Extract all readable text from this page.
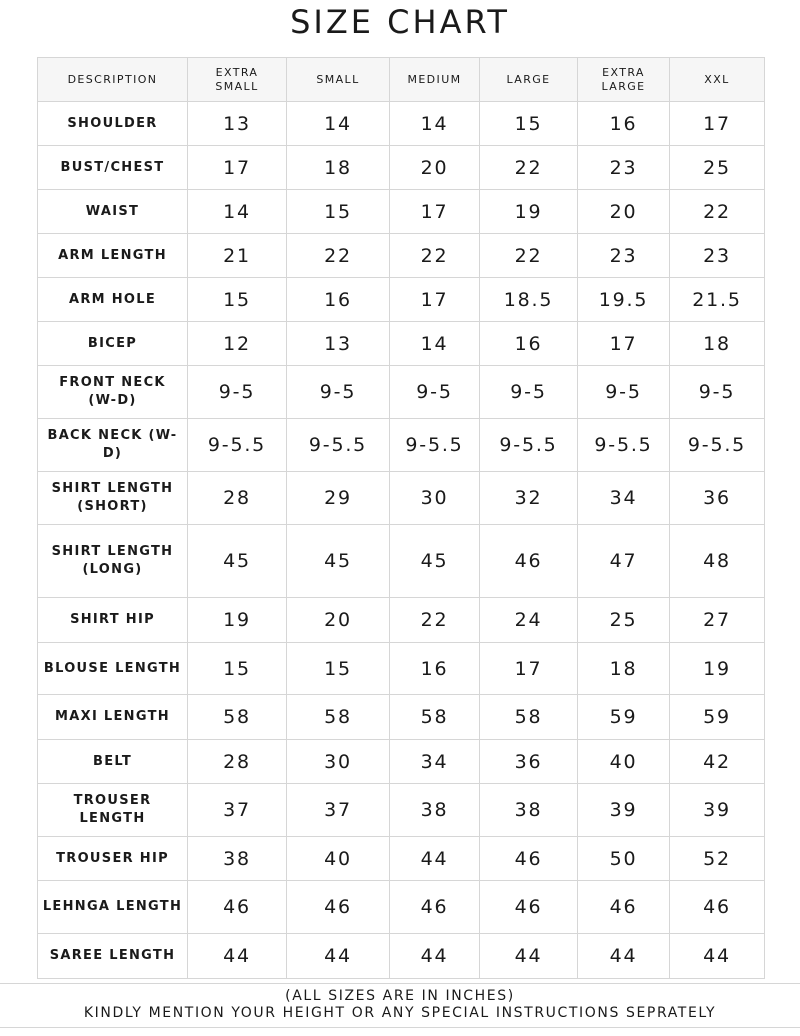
SIZE CHART
DESCRIPTION	EXTRA SMALL	SMALL	MEDIUM	LARGE	EXTRA LARGE	XXL
SHOULDER	13	14	14	15	16	17
BUST/CHEST	17	18	20	22	23	25
WAIST	14	15	17	19	20	22
ARM LENGTH	21	22	22	22	23	23
ARM HOLE	15	16	17	18.5	19.5	21.5
BICEP	12	13	14	16	17	18
FRONT NECK (W-D)	9-5	9-5	9-5	9-5	9-5	9-5
BACK NECK (W-D)	9-5.5	9-5.5	9-5.5	9-5.5	9-5.5	9-5.5
SHIRT LENGTH (SHORT)	28	29	30	32	34	36
SHIRT LENGTH (LONG)	45	45	45	46	47	48
SHIRT HIP	19	20	22	24	25	27
BLOUSE LENGTH	15	15	16	17	18	19
MAXI LENGTH	58	58	58	58	59	59
BELT	28	30	34	36	40	42
TROUSER LENGTH	37	37	38	38	39	39
TROUSER HIP	38	40	44	46	50	52
LEHNGA LENGTH	46	46	46	46	46	46
SAREE LENGTH	44	44	44	44	44	44
(ALL SIZES ARE IN INCHES)
KINDLY MENTION YOUR HEIGHT OR ANY SPECIAL INSTRUCTIONS SEPRATELY
